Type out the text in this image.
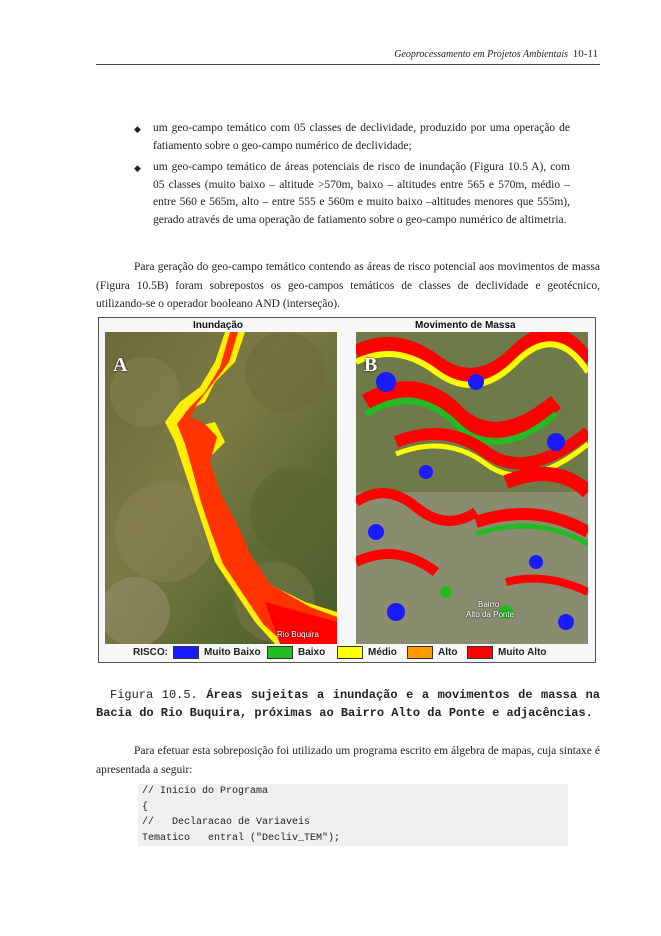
Geoprocessamento em Projetos Ambientais 10-11
◆ um geo-campo temático com 05 classes de declividade, produzido por uma operação de fatiamento sobre o geo-campo numérico de declividade;
◆ um geo-campo temático de áreas potenciais de risco de inundação (Figura 10.5 A), com 05 classes (muito baixo – altitude >570m, baixo – altitudes entre 565 e 570m, médio – entre 560 e 565m, alto – entre 555 e 560m e muito baixo –altitudes menores que 555m), gerado através de uma operação de fatiamento sobre o geo-campo numérico de altimetria.
Para geração do geo-campo temático contendo as áreas de risco potencial aos movimentos de massa (Figura 10.5B) foram sobrepostos os geo-campos temáticos de classes de declividade e geotécnico, utilizando-se o operador booleano AND (interseção).
Inundação	Movimento de Massa
A
Rio Buquira
B
Bairro
Alto da Ponte
RISCO:	Muito Baixo	Baixo	Médio	Alto	Muito Alto
Figura 10.5. Áreas sujeitas a inundação e a movimentos de massa na Bacia do Rio Buquira, próximas ao Bairro Alto da Ponte e adjacências.
Para efetuar esta sobreposição foi utilizado um programa escrito em álgebra de mapas, cuja sintaxe é apresentada a seguir:
// Inicio do Programa
{
//   Declaracao de Variaveis
Tematico   entral ("Decliv_TEM");
